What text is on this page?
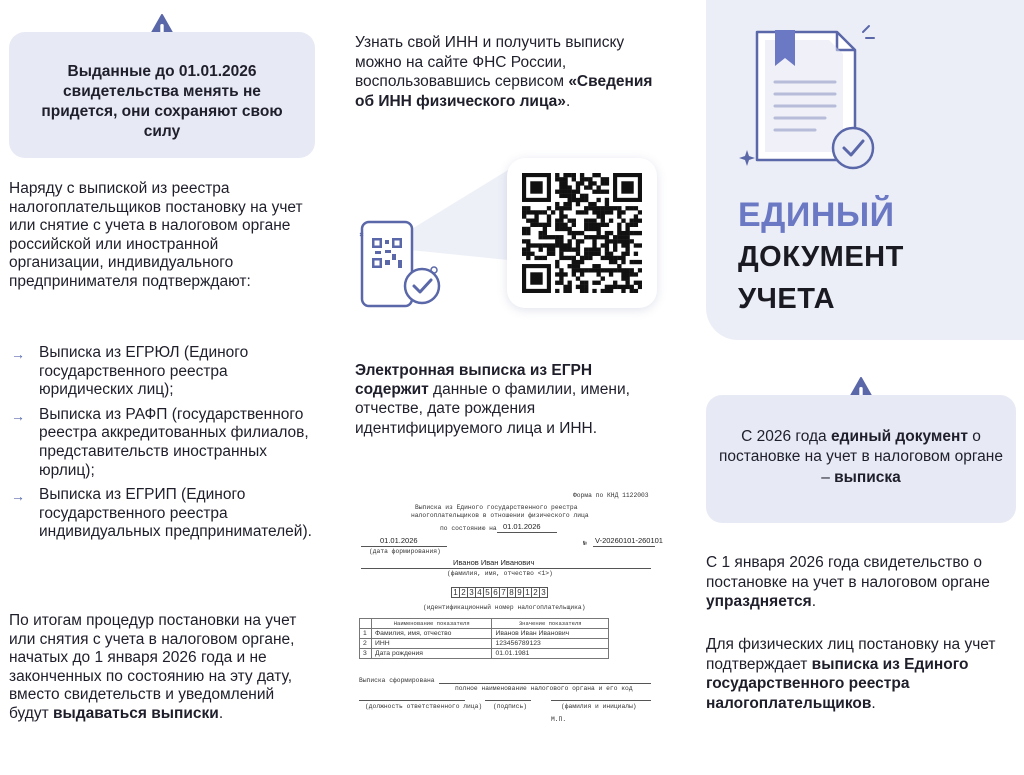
Выданные до 01.01.2026 свидетельства менять не придется, они сохраняют свою силу

Наряду с выпиской из реестра налогоплательщиков постановку на учет или снятие с учета в налоговом органе российской или иностранной организации, индивидуального предпринимателя подтверждают:

→ Выписка из ЕГРЮЛ (Единого государственного реестра юридических лиц);
→ Выписка из РАФП (государственного реестра аккредитованных филиалов, представительств иностранных юрлиц);
→ Выписка из ЕГРИП (Единого государственного реестра индивидуальных предпринимателей).

По итогам процедур постановки на учет или снятия с учета в налоговом органе, начатых до 1 января 2026 года и не законченных по состоянию на эту дату, вместо свидетельств и уведомлений будут выдаваться выписки.

Узнать свой ИНН и получить выписку можно на сайте ФНС России, воспользовавшись сервисом «Сведения об ИНН физического лица».

Электронная выписка из ЕГРН содержит данные о фамилии, имени, отчестве, дате рождения идентифицируемого лица и ИНН.

Форма по КНД 1122003
Выписка из Единого государственного реестра
налогоплательщиков в отношении физического лица
по состоянию на 01.01.2026
01.01.2026
(дата формирования)
№ V-20260101-260101
Иванов Иван Иванович
(фамилия, имя, отчество <1>)
1 2 3 4 5 6 7 8 9 1 2 3
(идентификационный номер налогоплательщика)
	Наименование показателя	Значение показателя
1	Фамилия, имя, отчество	Иванов Иван Иванович
2	ИНН	123456789123
3	Дата рождения	01.01.1981
Выписка сформирована
полное наименование налогового органа и его код
(должность ответственного лица) (подпись)	(фамилия и инициалы)
М.П.
ЕДИНЫЙ
ДОКУМЕНТ
УЧЕТА
С 2026 года единый документ о постановке на учет в налоговом органе – выписка

С 1 января 2026 года свидетельство о постановке на учет в налоговом органе упраздняется.

Для физических лиц постановку на учет подтверждает выписка из Единого государственного реестра налогоплательщиков.
